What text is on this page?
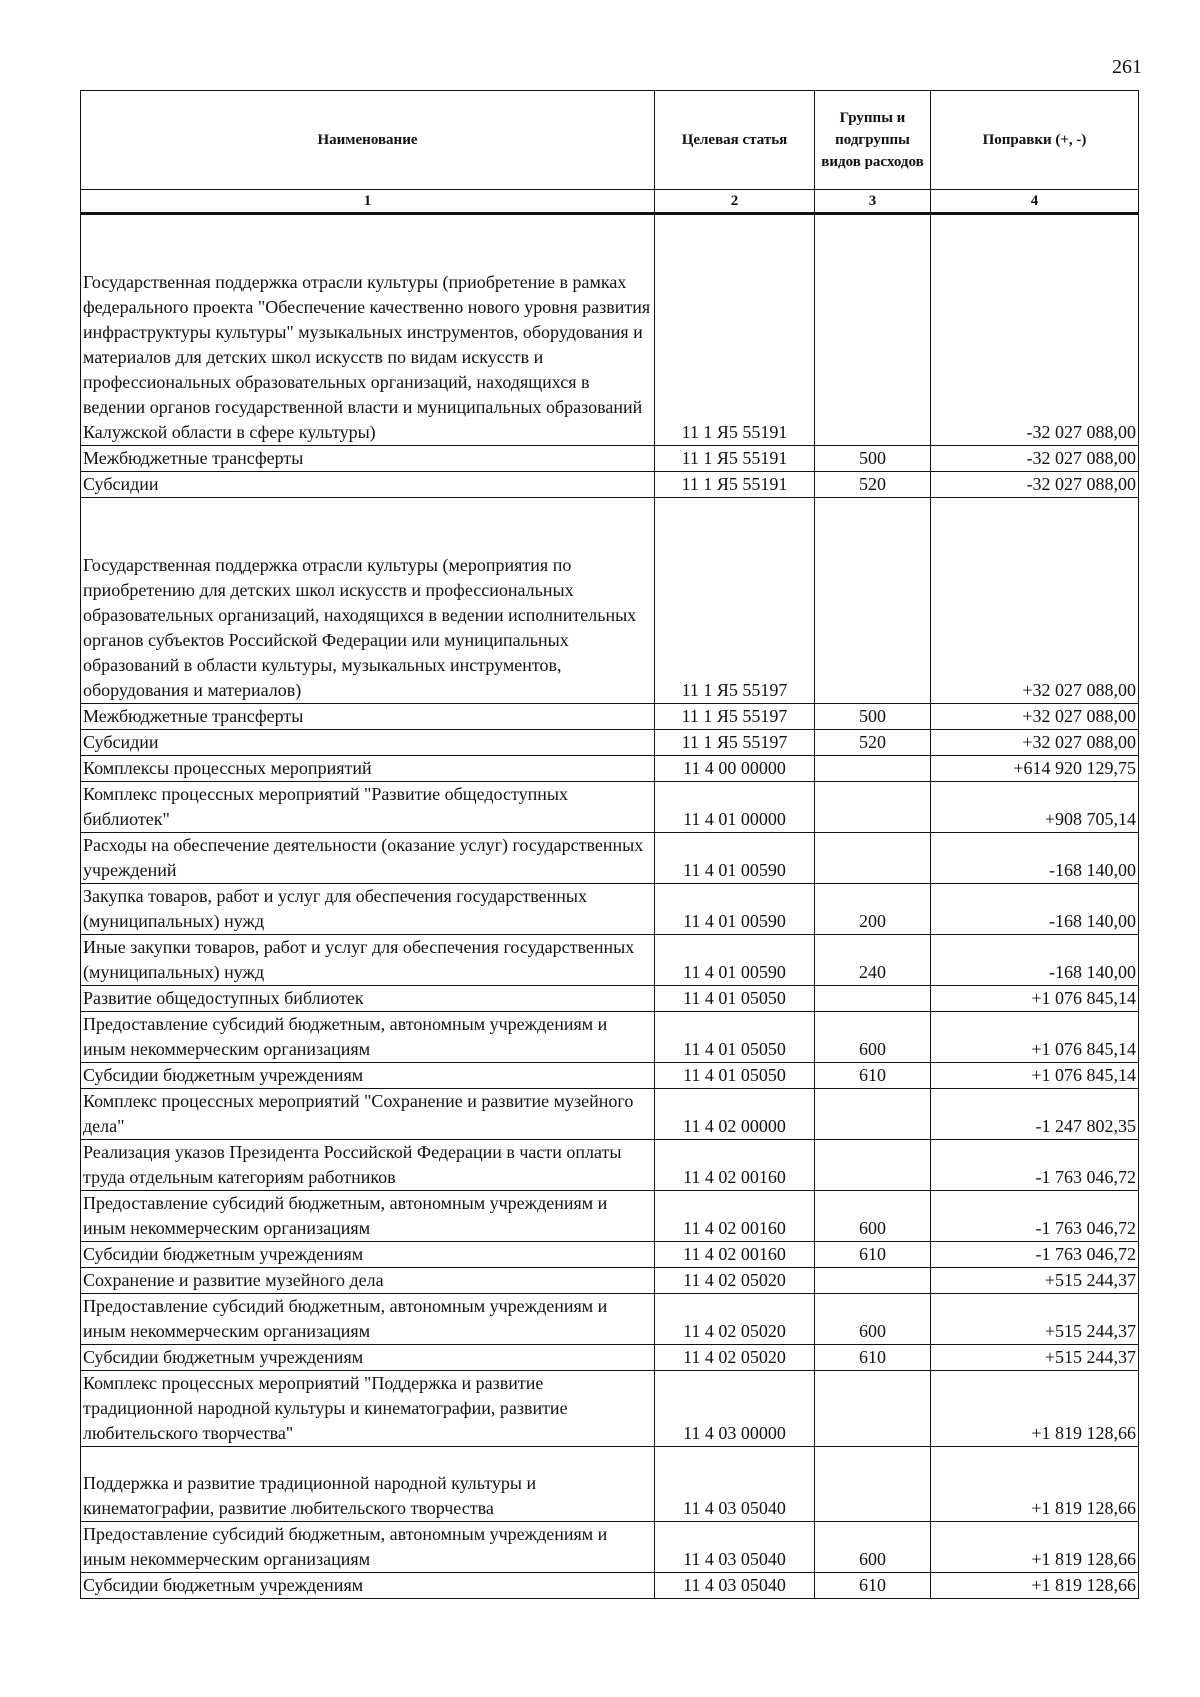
261
Наименование	Целевая статья	Группы и подгруппы видов расходов	Поправки (+, -)
1	2	3	4
Государственная поддержка отрасли культуры (приобретение в рамках федерального проекта "Обеспечение качественно нового уровня развития инфраструктуры культуры" музыкальных инструментов, оборудования и материалов для детских школ искусств по видам искусств и профессиональных образовательных организаций, находящихся в ведении органов государственной власти и муниципальных образований Калужской области в сфере культуры)	11 1 Я5 55191		-32 027 088,00
Межбюджетные трансферты	11 1 Я5 55191	500	-32 027 088,00
Субсидии	11 1 Я5 55191	520	-32 027 088,00
Государственная поддержка отрасли культуры (мероприятия по приобретению для детских школ искусств и профессиональных образовательных организаций, находящихся в ведении исполнительных органов субъектов Российской Федерации или муниципальных образований в области культуры, музыкальных инструментов, оборудования и материалов)	11 1 Я5 55197		+32 027 088,00
Межбюджетные трансферты	11 1 Я5 55197	500	+32 027 088,00
Субсидии	11 1 Я5 55197	520	+32 027 088,00
Комплексы процессных мероприятий	11 4 00 00000		+614 920 129,75
Комплекс процессных мероприятий "Развитие общедоступных библиотек"	11 4 01 00000		+908 705,14
Расходы на обеспечение деятельности (оказание услуг) государственных учреждений	11 4 01 00590		-168 140,00
Закупка товаров, работ и услуг для обеспечения государственных (муниципальных) нужд	11 4 01 00590	200	-168 140,00
Иные закупки товаров, работ и услуг для обеспечения государственных (муниципальных) нужд	11 4 01 00590	240	-168 140,00
Развитие общедоступных библиотек	11 4 01 05050		+1 076 845,14
Предоставление субсидий бюджетным, автономным учреждениям и иным некоммерческим организациям	11 4 01 05050	600	+1 076 845,14
Субсидии бюджетным учреждениям	11 4 01 05050	610	+1 076 845,14
Комплекс процессных мероприятий "Сохранение и развитие музейного дела"	11 4 02 00000		-1 247 802,35
Реализация указов Президента Российской Федерации в части оплаты труда отдельным категориям работников	11 4 02 00160		-1 763 046,72
Предоставление субсидий бюджетным, автономным учреждениям и иным некоммерческим организациям	11 4 02 00160	600	-1 763 046,72
Субсидии бюджетным учреждениям	11 4 02 00160	610	-1 763 046,72
Сохранение и развитие музейного дела	11 4 02 05020		+515 244,37
Предоставление субсидий бюджетным, автономным учреждениям и иным некоммерческим организациям	11 4 02 05020	600	+515 244,37
Субсидии бюджетным учреждениям	11 4 02 05020	610	+515 244,37
Комплекс процессных мероприятий "Поддержка и развитие традиционной народной культуры и кинематографии, развитие любительского творчества"	11 4 03 00000		+1 819 128,66
Поддержка и развитие традиционной народной культуры и кинематографии, развитие любительского творчества	11 4 03 05040		+1 819 128,66
Предоставление субсидий бюджетным, автономным учреждениям и иным некоммерческим организациям	11 4 03 05040	600	+1 819 128,66
Субсидии бюджетным учреждениям	11 4 03 05040	610	+1 819 128,66
